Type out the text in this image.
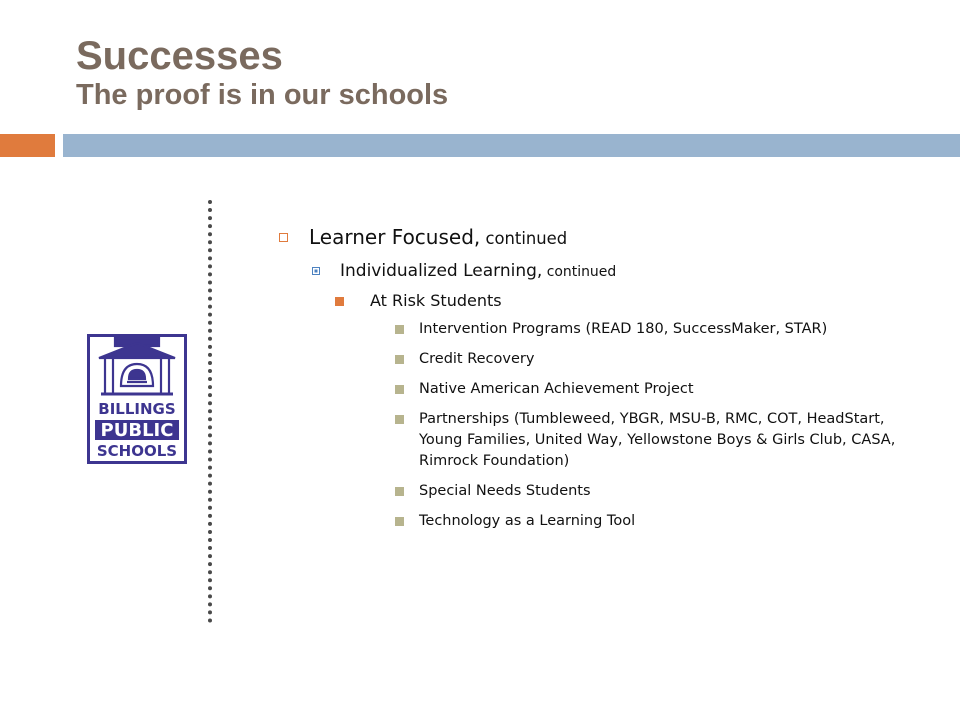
Successes
The proof is in our schools
BILLINGS
PUBLIC
SCHOOLS

Learner Focused, continued

Individualized Learning, continued

At Risk Students

Intervention Programs (READ 180, SuccessMaker, STAR)

Credit Recovery

Native American Achievement Project

Partnerships (Tumbleweed, YBGR, MSU-B, RMC, COT, HeadStart, Young Families, United Way, Yellowstone Boys & Girls Club, CASA, Rimrock Foundation)

Special Needs Students

Technology as a Learning Tool
